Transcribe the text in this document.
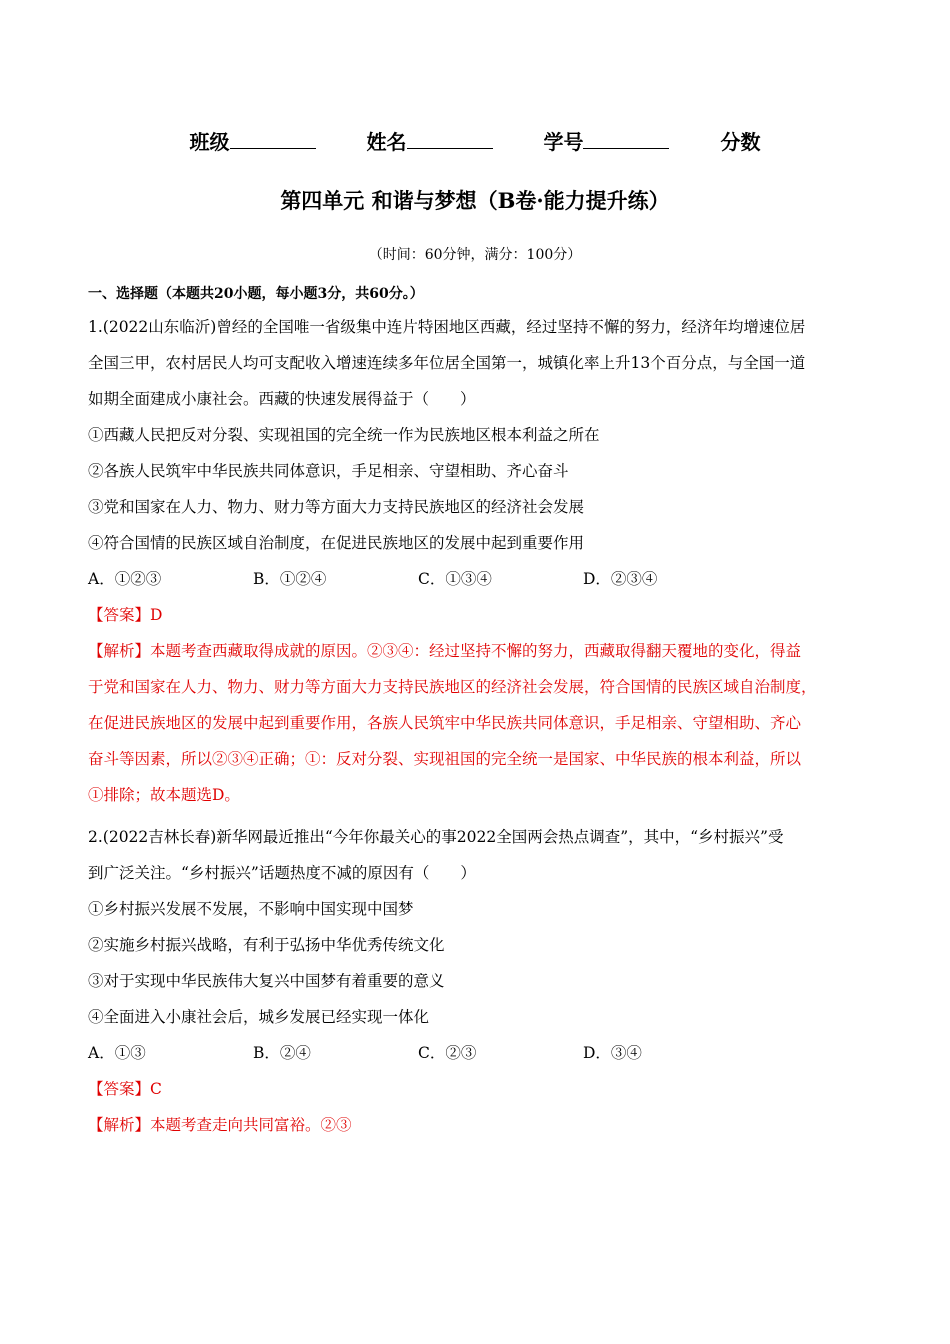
班级	姓名	学号	分数
第四单元 和谐与梦想（B卷·能力提升练）
（时间：60分钟，满分：100分）
一、选择题（本题共20小题，每小题3分，共60分。）
1.(2022山东临沂)曾经的全国唯一省级集中连片特困地区西藏，经过坚持不懈的努力，经济年均增速位居
全国三甲，农村居民人均可支配收入增速连续多年位居全国第一，城镇化率上升13个百分点，与全国一道
如期全面建成小康社会。西藏的快速发展得益于（　　）
①西藏人民把反对分裂、实现祖国的完全统一作为民族地区根本利益之所在
②各族人民筑牢中华民族共同体意识，手足相亲、守望相助、齐心奋斗
③党和国家在人力、物力、财力等方面大力支持民族地区的经济社会发展
④符合国情的民族区域自治制度，在促进民族地区的发展中起到重要作用
A．①②③	B．①②④	C．①③④	D．②③④
【答案】D
【解析】本题考查西藏取得成就的原因。②③④：经过坚持不懈的努力，西藏取得翻天覆地的变化，得益
于党和国家在人力、物力、财力等方面大力支持民族地区的经济社会发展，符合国情的民族区域自治制度，
在促进民族地区的发展中起到重要作用，各族人民筑牢中华民族共同体意识，手足相亲、守望相助、齐心
奋斗等因素，所以②③④正确；①：反对分裂、实现祖国的完全统一是国家、中华民族的根本利益，所以
①排除；故本题选D。
2.(2022吉林长春)新华网最近推出“今年你最关心的事2022全国两会热点调查”，其中，“乡村振兴”受
到广泛关注。“乡村振兴”话题热度不减的原因有（　　）
①乡村振兴发展不发展，不影响中国实现中国梦
②实施乡村振兴战略，有利于弘扬中华优秀传统文化
③对于实现中华民族伟大复兴中国梦有着重要的意义
④全面进入小康社会后，城乡发展已经实现一体化
A．①③	B．②④	C．②③	D．③④
【答案】C
【解析】本题考查走向共同富裕。②③
